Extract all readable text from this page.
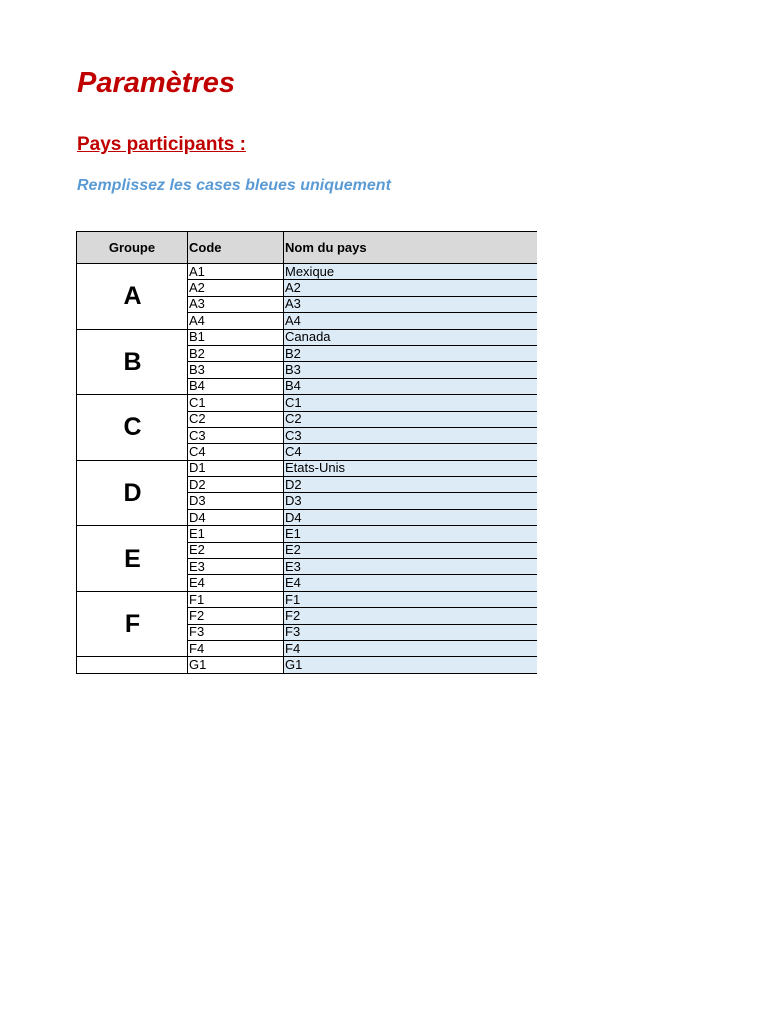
Paramètres
Pays participants :

Remplissez les cases bleues uniquement

Groupe	Code	Nom du pays
A	A1	Mexique
	A2	A2
	A3	A3
	A4	A4
B	B1	Canada
	B2	B2
	B3	B3
	B4	B4
C	C1	C1
	C2	C2
	C3	C3
	C4	C4
D	D1	Etats-Unis
	D2	D2
	D3	D3
	D4	D4
E	E1	E1
	E2	E2
	E3	E3
	E4	E4
F	F1	F1
	F2	F2
	F3	F3
	F4	F4
	G1	G1
